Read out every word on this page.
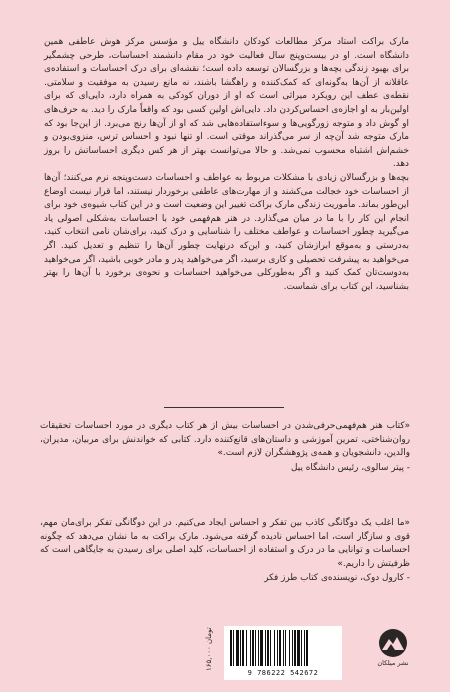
مارک براکت استاد مرکز مطالعات کودکان دانشگاه ییل و مؤسس مرکز هوش عاطفی همین دانشگاه است. او در بیست‌وپنج سال فعالیت خود در مقام دانشمند احساسات، طرحی چشمگیر برای بهبود زندگی بچه‌ها و بزرگسالان توسعه داده است؛ نقشه‌ای برای درک احساسات و استفاده‌ی عاقلانه از آن‌ها به‌گونه‌ای که کمک‌کننده و راهگشا باشند، نه مانع رسیدن به موفقیت و سلامتی. نقطه‌ی عطف این رویکرد میراثی است که او از دوران کودکی به همراه دارد، دایی‌ای که برای اولین‌بار به او اجازه‌ی احساس‌کردن داد. دایی‌اش اولین کسی بود که واقعاً مارک را دید. به حرف‌های او گوش داد و متوجه زورگویی‌ها و سوءاستفاده‌هایی شد که او از آن‌ها رنج می‌برد. از این‌جا بود که مارک متوجه شد آن‌چه از سر می‌گذراند موقتی است. او تنها نبود و احساس ترس، منزوی‌بودن و خشم‌اش اشتباه محسوب نمی‌شد. و حالا می‌توانست بهتر از هر کس دیگری احساساتش را بروز دهد.

بچه‌ها و بزرگسالان زیادی با مشکلات مربوط به عواطف و احساسات دست‌وپنجه نرم می‌کنند؛ آن‌ها از احساسات خود خجالت می‌کشند و از مهارت‌های عاطفی برخوردار نیستند، اما قرار نیست اوضاع این‌طور بماند. مأموریت زندگی مارک براکت تغییر این وضعیت است و در این کتاب شیوه‌ی خود برای انجام این کار را با ما در میان می‌گذارد. در هنر هم‌فهمی خود با احساسات به‌شکلی اصولی یاد می‌گیرید چطور احساسات و عواطف مختلف را شناسایی و درک کنید، برای‌شان نامی انتخاب کنید، به‌درستی و به‌موقع ابرازشان کنید، و این‌که درنهایت چطور آن‌ها را تنظیم و تعدیل کنید. اگر می‌خواهید به پیشرفت تحصیلی و کاری برسید، اگر می‌خواهید پدر و مادر خوبی باشید، اگر می‌خواهید به‌دوست‌تان کمک کنید و اگر به‌طورکلی می‌خواهید احساسات و نحوه‌ی برخورد با آن‌ها را بهتر بشناسید، این کتاب برای شماست.

«کتاب هنر هم‌فهمی‌حرفی‌شدن در احساسات بیش از هر کتاب دیگری در مورد احساسات تحقیقات روان‌شناختی، تمرین آموزشی و داستان‌های قانع‌کننده دارد. کتابی که خواندنش برای مربیان، مدیران، والدین، دانشجویان و همه‌ی پژوهشگران لازم است.»

- پیتر سالوی، رئیس دانشگاه ییل

«ما اغلب یک دوگانگی کاذب بین تفکر و احساس ایجاد می‌کنیم. در این دوگانگی تفکر برای‌مان مهم، قوی و سازگار است، اما احساس نادیده گرفته می‌شود. مارک براکت به ما نشان می‌دهد که چگونه احساسات و توانایی ما در درک و استفاده از احساسات، کلید اصلی برای رسیدن به جایگاهی است که ظرفیتش را داریم.»

- کارول دوک، نویسنده‌ی کتاب طرز فکر

۱۶۵,۰۰۰ تومان
9 786222 542672
نشر میلکان
